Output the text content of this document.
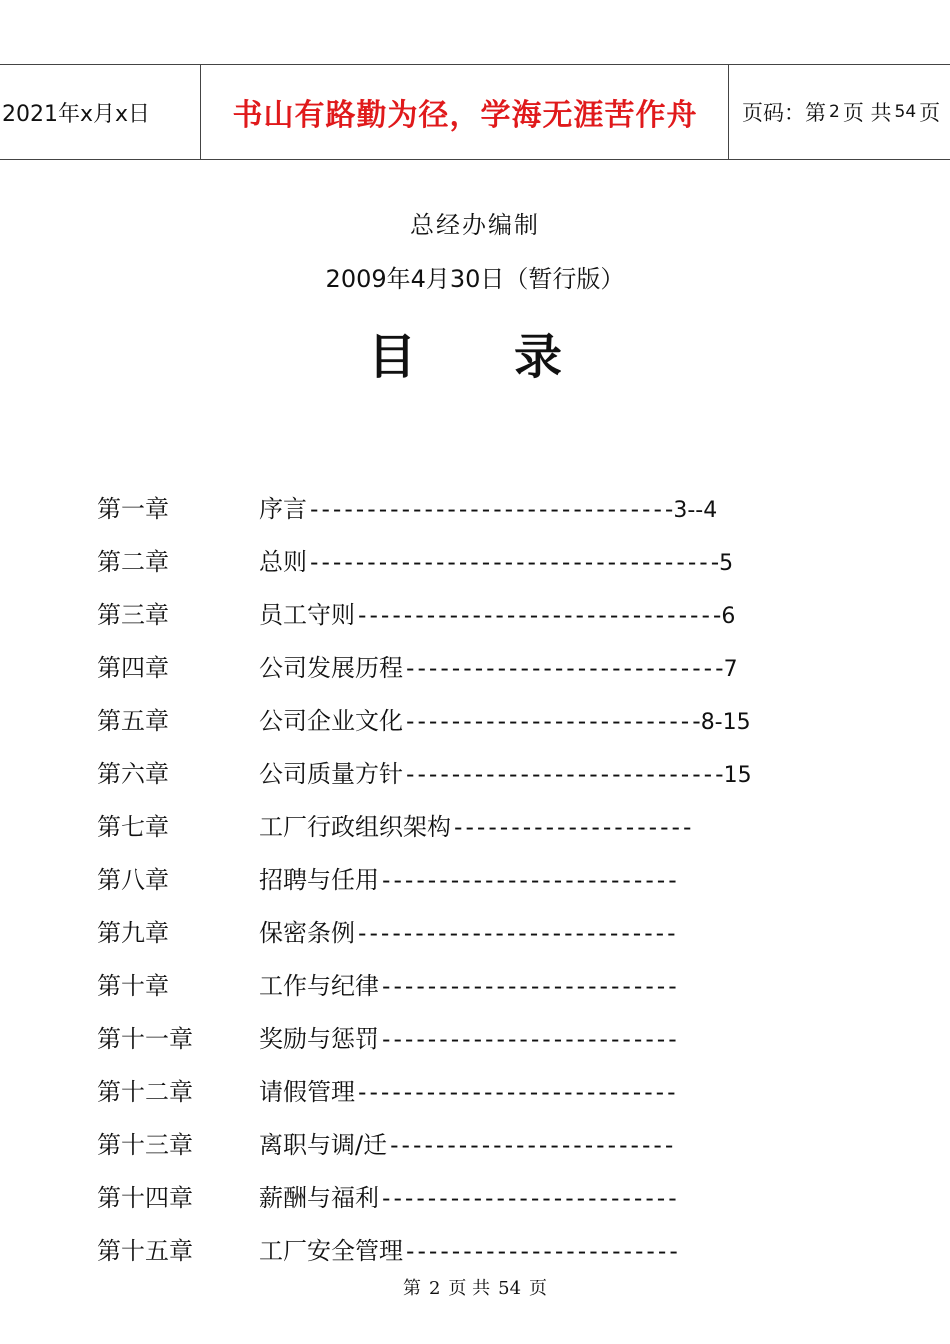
2021年x月x日	书山有路勤为径，学海无涯苦作舟	页码：第 2 页 共 54 页
总经办编制
2009年4月30日（暂行版）
目 录
第一章	序言--------------------------------3--4
第二章	总则------------------------------------5
第三章	员工守则--------------------------------6
第四章	公司发展历程----------------------------7
第五章	公司企业文化--------------------------8-15
第六章	公司质量方针----------------------------15
第七章	工厂行政组织架构---------------------
第八章	招聘与任用--------------------------
第九章	保密条例----------------------------
第十章	工作与纪律--------------------------
第十一章	奖励与惩罚--------------------------
第十二章	请假管理----------------------------
第十三章	离职与调/迁-------------------------
第十四章	薪酬与福利--------------------------
第十五章	工厂安全管理------------------------
第 2 页 共 54 页
